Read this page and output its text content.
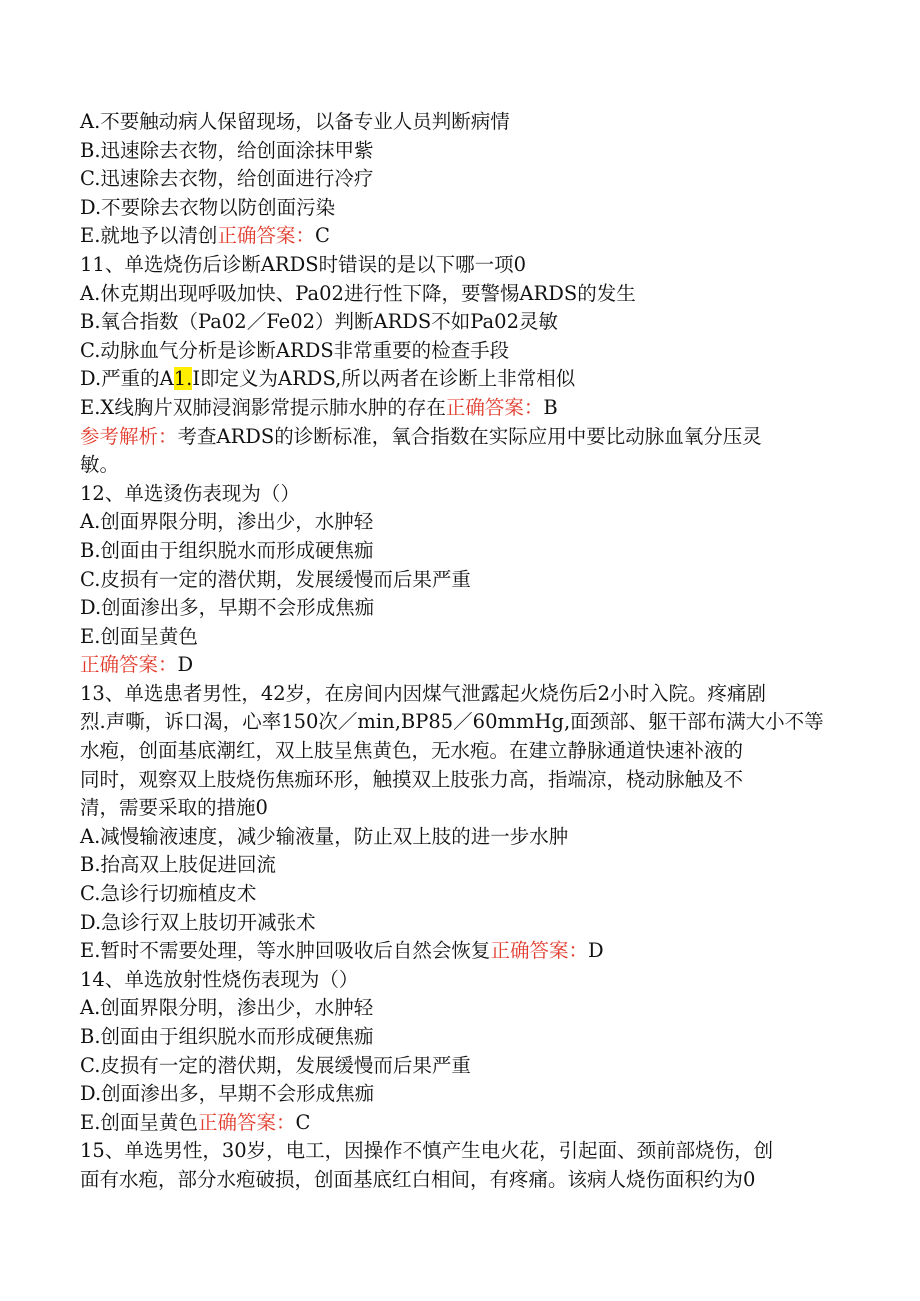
A.不要触动病人保留现场，以备专业人员判断病情
B.迅速除去衣物，给创面涂抹甲紫
C.迅速除去衣物，给创面进行冷疗
D.不要除去衣物以防创面污染
E.就地予以清创正确答案：C
11、单选烧伤后诊断ARDS时错误的是以下哪一项0
A.休克期出现呼吸加快、Pa02进行性下降，要警惕ARDS的发生
B.氧合指数（Pa02／Fe02）判断ARDS不如Pa02灵敏
C.动脉血气分析是诊断ARDS非常重要的检查手段
D.严重的A1.I即定义为ARDS,所以两者在诊断上非常相似
E.X线胸片双肺浸润影常提示肺水肿的存在正确答案：B
参考解析：考查ARDS的诊断标准，氧合指数在实际应用中要比动脉血氧分压灵
敏。
12、单选烫伤表现为（）
A.创面界限分明，渗出少，水肿轻
B.创面由于组织脱水而形成硬焦痂
C.皮损有一定的潜伏期，发展缓慢而后果严重
D.创面渗出多，早期不会形成焦痂
E.创面呈黄色
正确答案：D
13、单选患者男性，42岁，在房间内因煤气泄露起火烧伤后2小时入院。疼痛剧
烈.声嘶，诉口渴，心率150次／min,BP85／60mmHg,面颈部、躯干部布满大小不等
水疱，创面基底潮红，双上肢呈焦黄色，无水疱。在建立静脉通道快速补液的
同时，观察双上肢烧伤焦痂环形，触摸双上肢张力高，指端凉，桡动脉触及不
清，需要采取的措施0
A.减慢输液速度，减少输液量，防止双上肢的进一步水肿
B.抬高双上肢促进回流
C.急诊行切痂植皮术
D.急诊行双上肢切开减张术
E.暂时不需要处理，等水肿回吸收后自然会恢复正确答案：D
14、单选放射性烧伤表现为（）
A.创面界限分明，渗出少，水肿轻
B.创面由于组织脱水而形成硬焦痂
C.皮损有一定的潜伏期，发展缓慢而后果严重
D.创面渗出多，早期不会形成焦痂
E.创面呈黄色正确答案：C
15、单选男性，30岁，电工，因操作不慎产生电火花，引起面、颈前部烧伤，创
面有水疱，部分水疱破损，创面基底红白相间，有疼痛。该病人烧伤面积约为0
